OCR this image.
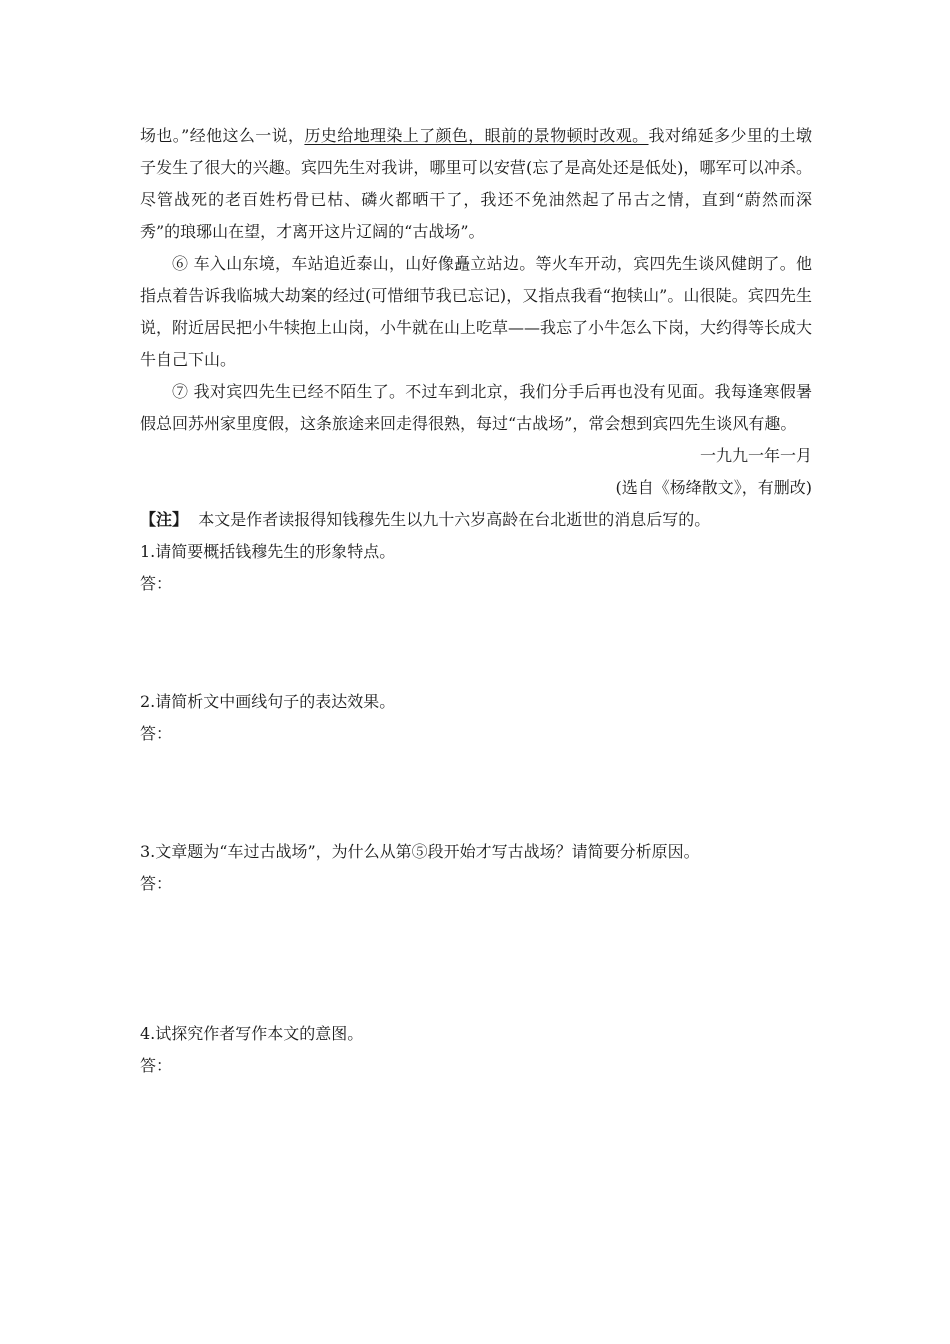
场也。”经他这么一说，历史给地理染上了颜色，眼前的景物顿时改观。我对绵延多少里的土墩子发生了很大的兴趣。宾四先生对我讲，哪里可以安营(忘了是高处还是低处)，哪军可以冲杀。尽管战死的老百姓朽骨已枯、磷火都晒干了，我还不免油然起了吊古之情，直到“蔚然而深秀”的琅琊山在望，才离开这片辽阔的“古战场”。

⑥ 车入山东境，车站追近泰山，山好像矗立站边。等火车开动，宾四先生谈风健朗了。他指点着告诉我临城大劫案的经过(可惜细节我已忘记)，又指点我看“抱犊山”。山很陡。宾四先生说，附近居民把小牛犊抱上山岗，小牛就在山上吃草——我忘了小牛怎么下岗，大约得等长成大牛自己下山。

⑦ 我对宾四先生已经不陌生了。不过车到北京，我们分手后再也没有见面。我每逢寒假暑假总回苏州家里度假，这条旅途来回走得很熟，每过“古战场”，常会想到宾四先生谈风有趣。

一九九一年一月

(选自《杨绛散文》，有删改)

【注】 本文是作者读报得知钱穆先生以九十六岁高龄在台北逝世的消息后写的。

1.请简要概括钱穆先生的形象特点。

答：

2.请简析文中画线句子的表达效果。

答：

3.文章题为“车过古战场”，为什么从第⑤段开始才写古战场？请简要分析原因。

答：

4.试探究作者写作本文的意图。

答：
